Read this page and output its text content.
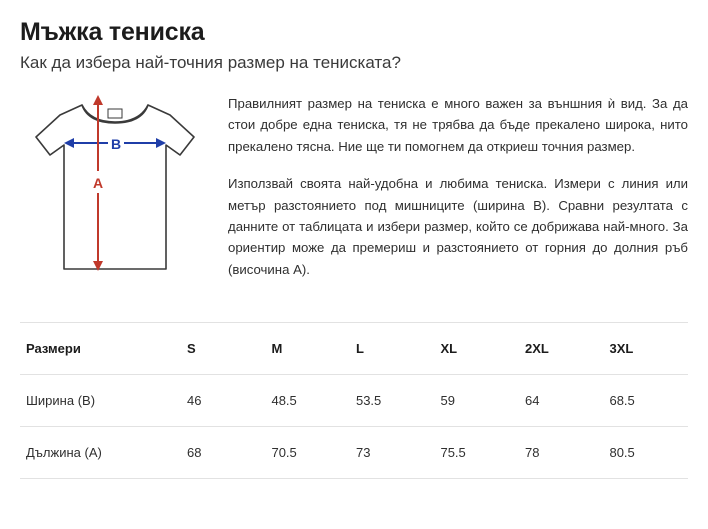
Мъжка тениска
Как да избера най-точния размер на тениската?
B
A

Правилният размер на тениска е много важен за външния ѝ вид. За да стои добре една тениска, тя не трябва да бъде прекалено широка, нито прекалено тясна. Ние ще ти помогнем да откриеш точния размер.

Използвай своята най-удобна и любима тениска. Измери с линия или метър разстоянието под мишниците (ширина B). Сравни резултата с данните от таблицата и избери размер, който се добрижава най-много. За ориентир може да премериш и разстоянието от горния до долния ръб (височина A).

Размери	S	M	L	XL	2XL	3XL
Ширина (B)	46	48.5	53.5	59	64	68.5
Дължина (A)	68	70.5	73	75.5	78	80.5
